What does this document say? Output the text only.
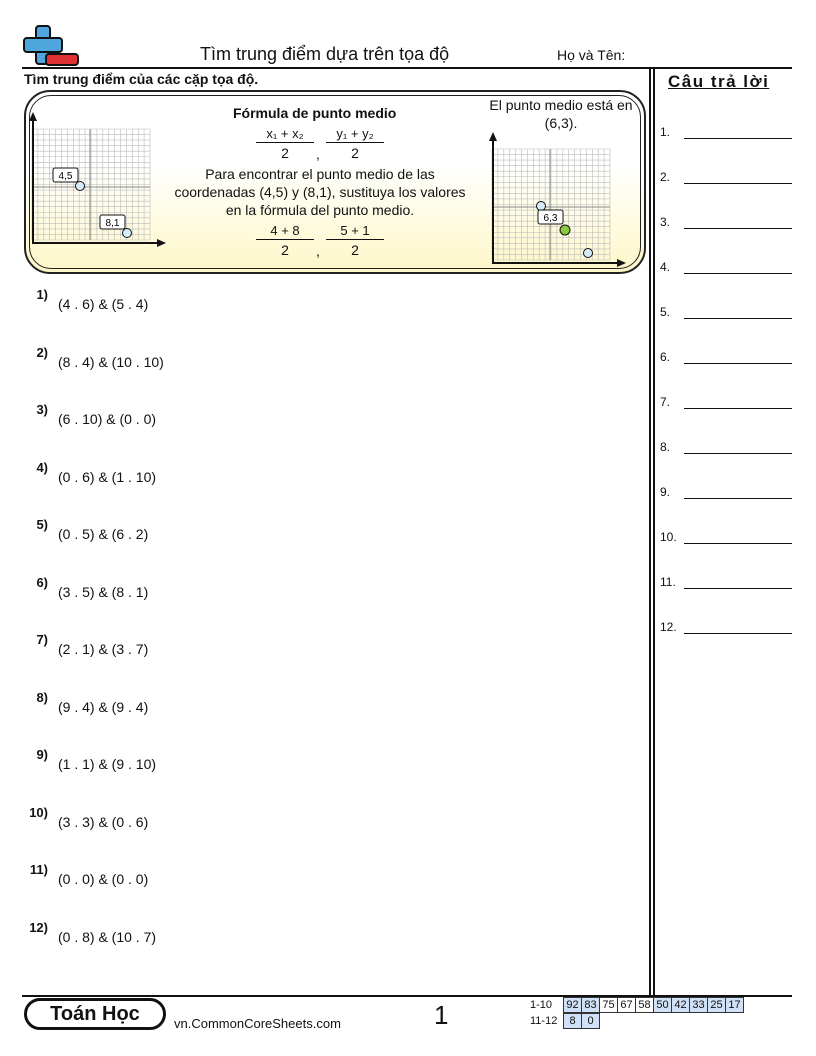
Tìm trung điểm dựa trên tọa độ	Họ và Tên:
Tìm trung điểm của các cặp tọa độ.	Câu trả lời
4,5
8,1
Fórmula de punto medio
$\frac{\text{x₁ + x₂}}{2}$ , $\frac{\text{y₁ + y₂}}{2}$
Para encontrar el punto medio de las coordenadas (4,5) y (8,1), sustituya los valores en la fórmula del punto medio.
$\frac{4 + 8}{2}$ , $\frac{5 + 1}{2}$
El punto medio está en
(6,3).
6,3
1)
(4 . 6) & (5 . 4)
2)
(8 . 4) & (10 . 10)
3)
(6 . 10) & (0 . 0)
4)
(0 . 6) & (1 . 10)
5)
(0 . 5) & (6 . 2)
6)
(3 . 5) & (8 . 1)
7)
(2 . 1) & (3 . 7)
8)
(9 . 4) & (9 . 4)
9)
(1 . 1) & (9 . 10)
10)
(3 . 3) & (0 . 6)
11)
(0 . 0) & (0 . 0)
12)
(0 . 8) & (10 . 7)
1.
2.
3.
4.
5.
6.
7.
8.
9.
10.
11.
12.
Toán Học	vn.CommonCoreSheets.com	1	1-10	92 83 75 67 58 50 42 33 25 17
11-12	8	0
